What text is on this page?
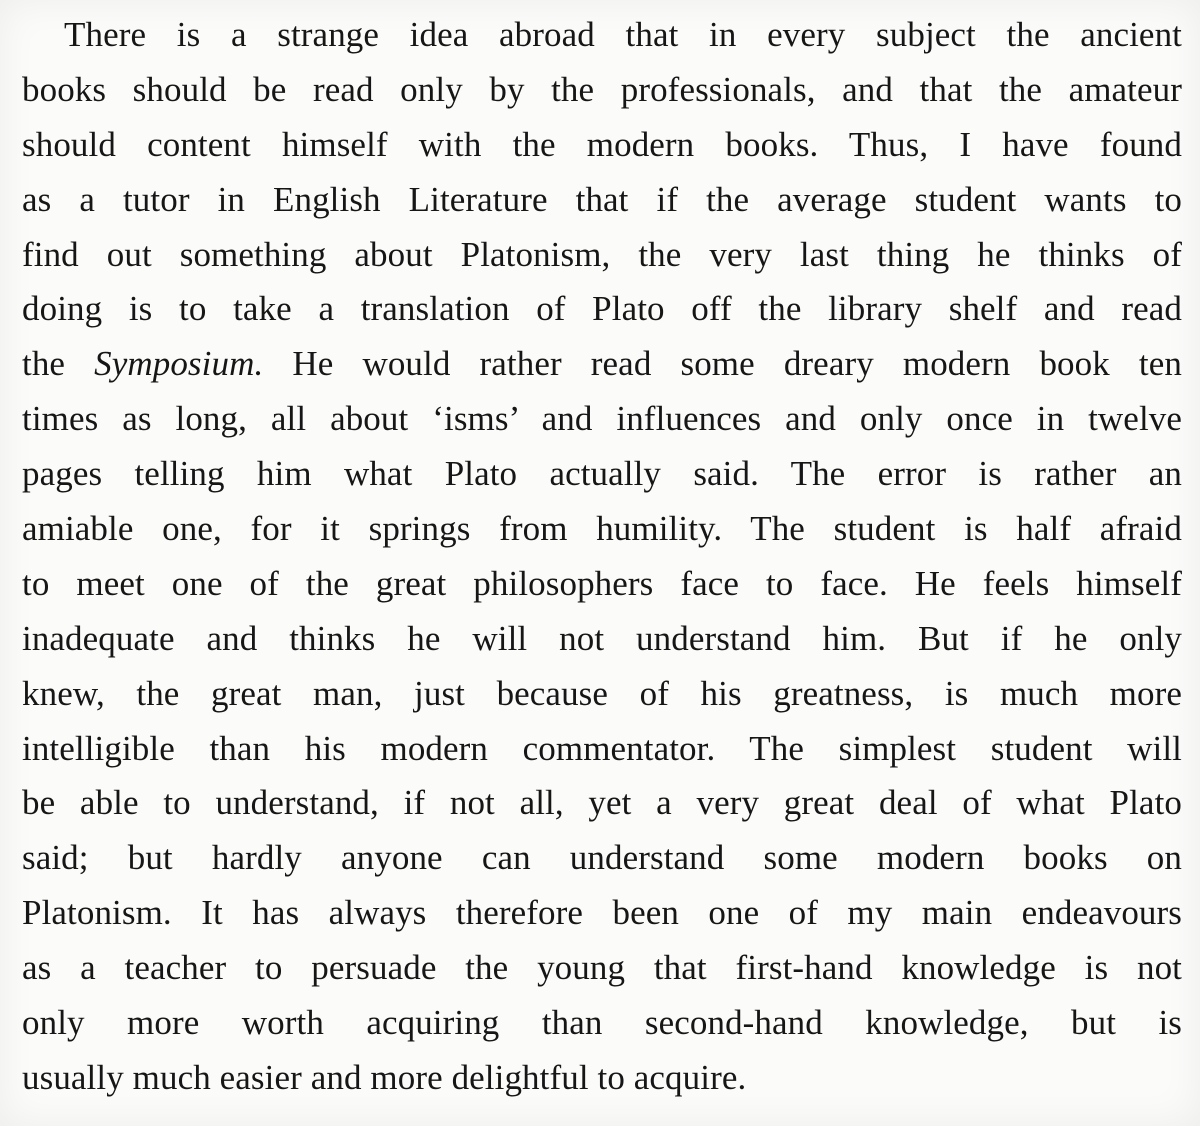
There is a strange idea abroad that in every subject the ancient
books should be read only by the professionals, and that the amateur
should content himself with the modern books. Thus, I have found
as a tutor in English Literature that if the average student wants to
find out something about Platonism, the very last thing he thinks of
doing is to take a translation of Plato off the library shelf and read
the Symposium. He would rather read some dreary modern book ten
times as long, all about ‘isms’ and influences and only once in twelve
pages telling him what Plato actually said. The error is rather an
amiable one, for it springs from humility. The student is half afraid
to meet one of the great philosophers face to face. He feels himself
inadequate and thinks he will not understand him. But if he only
knew, the great man, just because of his greatness, is much more
intelligible than his modern commentator. The simplest student will
be able to understand, if not all, yet a very great deal of what Plato
said; but hardly anyone can understand some modern books on
Platonism. It has always therefore been one of my main endeavours
as a teacher to persuade the young that first-hand knowledge is not
only more worth acquiring than second-hand knowledge, but is
usually much easier and more delightful to acquire.
